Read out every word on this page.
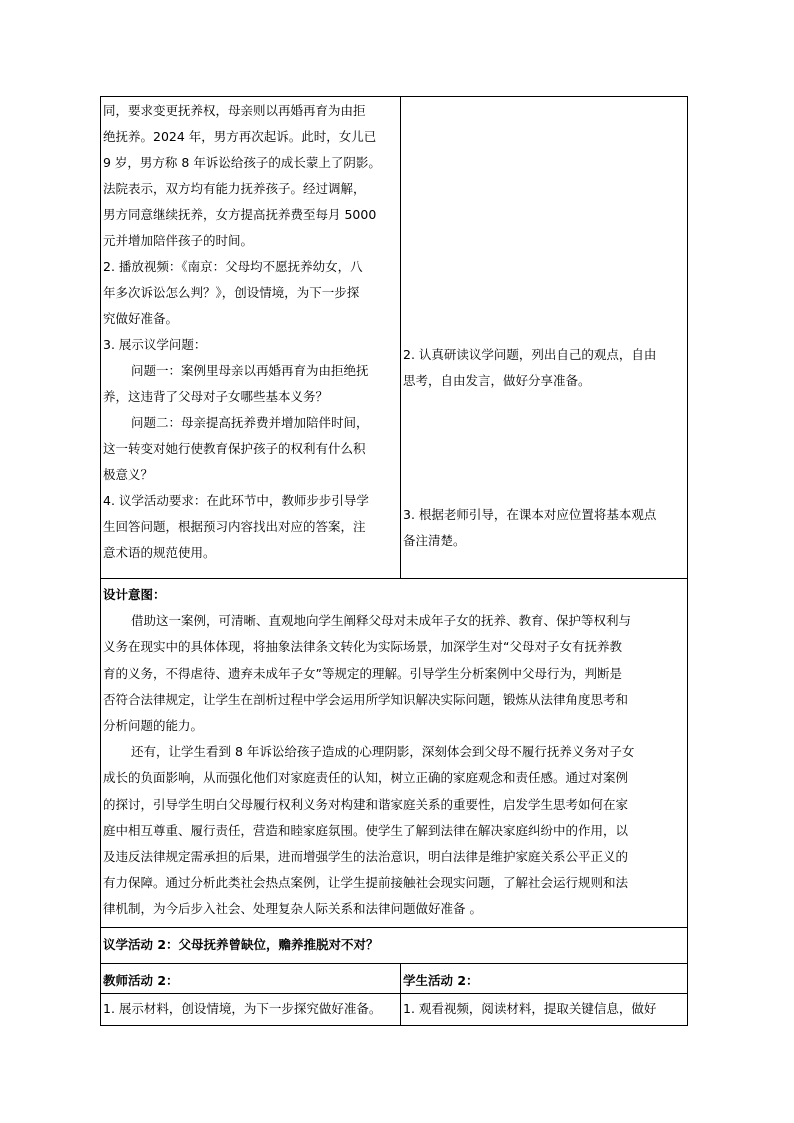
同，要求变更抚养权，母亲则以再婚再育为由拒

绝抚养。2024 年，男方再次起诉。此时，女儿已

9 岁，男方称 8 年诉讼给孩子的成长蒙上了阴影。

法院表示，双方均有能力抚养孩子。经过调解，

男方同意继续抚养，女方提高抚养费至每月 5000

元并增加陪伴孩子的时间。

2. 播放视频：《南京：父母均不愿抚养幼女，八

年多次诉讼怎么判？》，创设情境，为下一步探

究做好准备。

3. 展示议学问题：

问题一：案例里母亲以再婚再育为由拒绝抚

养，这违背了父母对子女哪些基本义务？

问题二：母亲提高抚养费并增加陪伴时间，

这一转变对她行使教育保护孩子的权利有什么积

极意义？

4. 议学活动要求：在此环节中，教师步步引导学

生回答问题，根据预习内容找出对应的答案，注

意术语的规范使用。

2. 认真研读议学问题，列出自己的观点，自由

思考，自由发言，做好分享准备。

3. 根据老师引导，在课本对应位置将基本观点

备注清楚。

设计意图：

借助这一案例，可清晰、直观地向学生阐释父母对未成年子女的抚养、教育、保护等权利与

义务在现实中的具体体现，将抽象法律条文转化为实际场景，加深学生对“父母对子女有抚养教

育的义务，不得虐待、遗弃未成年子女”等规定的理解。引导学生分析案例中父母行为，判断是

否符合法律规定，让学生在剖析过程中学会运用所学知识解决实际问题，锻炼从法律角度思考和

分析问题的能力。

还有，让学生看到 8 年诉讼给孩子造成的心理阴影，深刻体会到父母不履行抚养义务对子女

成长的负面影响，从而强化他们对家庭责任的认知，树立正确的家庭观念和责任感。通过对案例

的探讨，引导学生明白父母履行权利义务对构建和谐家庭关系的重要性，启发学生思考如何在家

庭中相互尊重、履行责任，营造和睦家庭氛围。使学生了解到法律在解决家庭纠纷中的作用，以

及违反法律规定需承担的后果，进而增强学生的法治意识，明白法律是维护家庭关系公平正义的

有力保障。通过分析此类社会热点案例，让学生提前接触社会现实问题，了解社会运行规则和法

律机制，为今后步入社会、处理复杂人际关系和法律问题做好准备 。

议学活动 2：父母抚养曾缺位，赡养推脱对不对？
教师活动 2：	学生活动 2：
1. 展示材料，创设情境，为下一步探究做好准备。	1. 观看视频，阅读材料，提取关键信息，做好
